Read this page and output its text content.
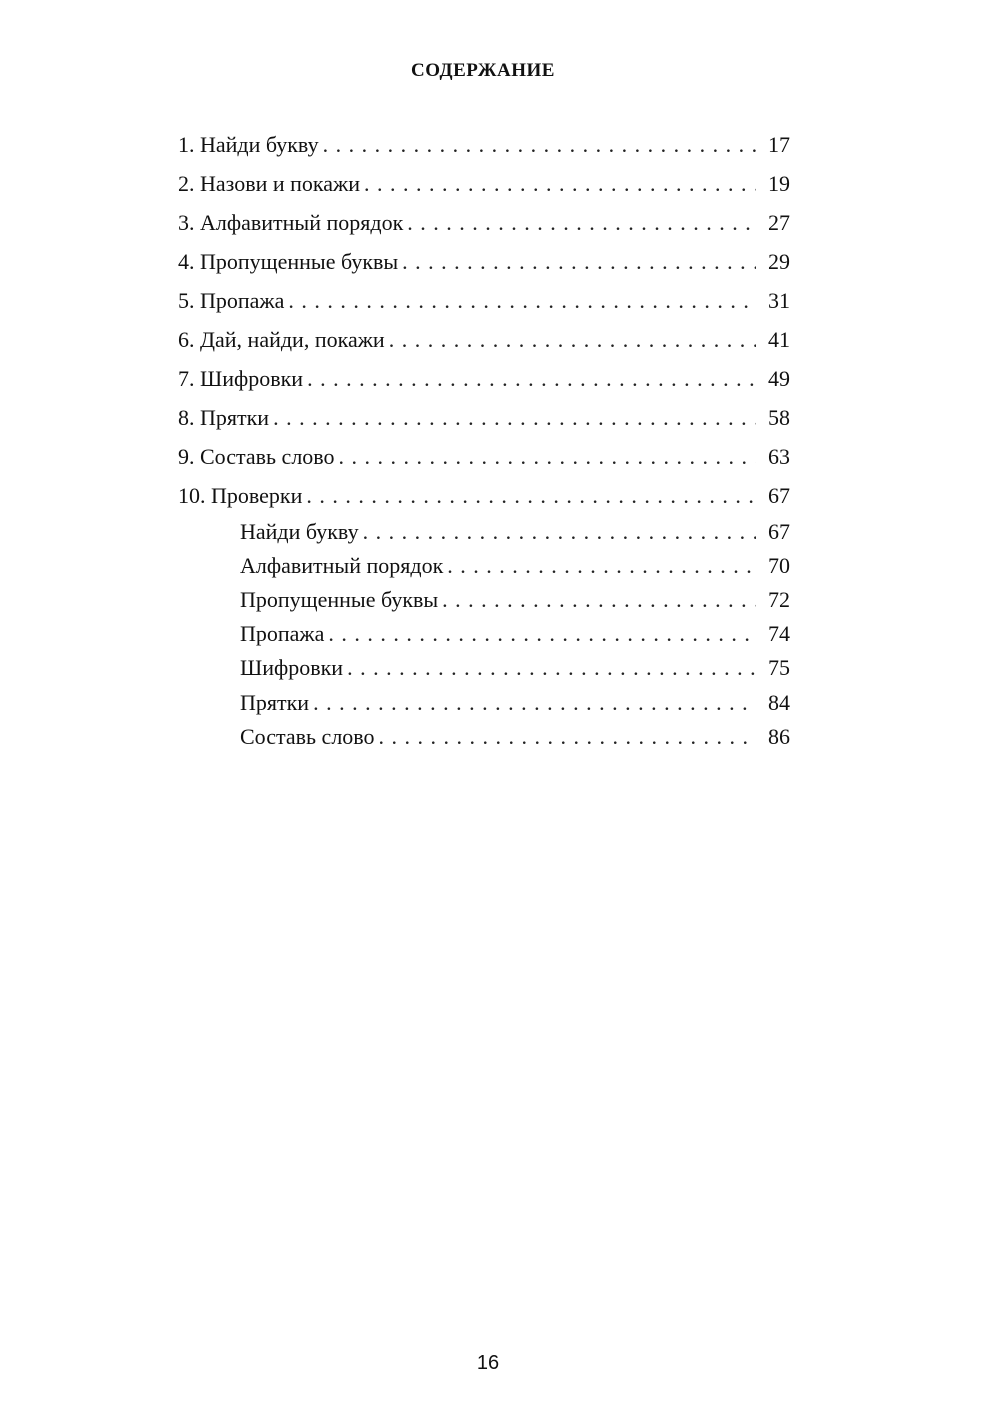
СОДЕРЖАНИЕ
1. Найди букву . . .	17
2. Назови и покажи . . .	19
3. Алфавитный порядок . . .	27
4. Пропущенные буквы . . .	29
5. Пропажа . . .	31
6. Дай, найди, покажи . . .	41
7. Шифровки . . .	49
8. Прятки . . .	58
9. Составь слово . . .	63
10. Проверки . . .	67
Найди букву . . .	67
Алфавитный порядок . . .	70
Пропущенные буквы . . .	72
Пропажа . . .	74
Шифровки . . .	75
Прятки . . .	84
Составь слово . . .	86
16
